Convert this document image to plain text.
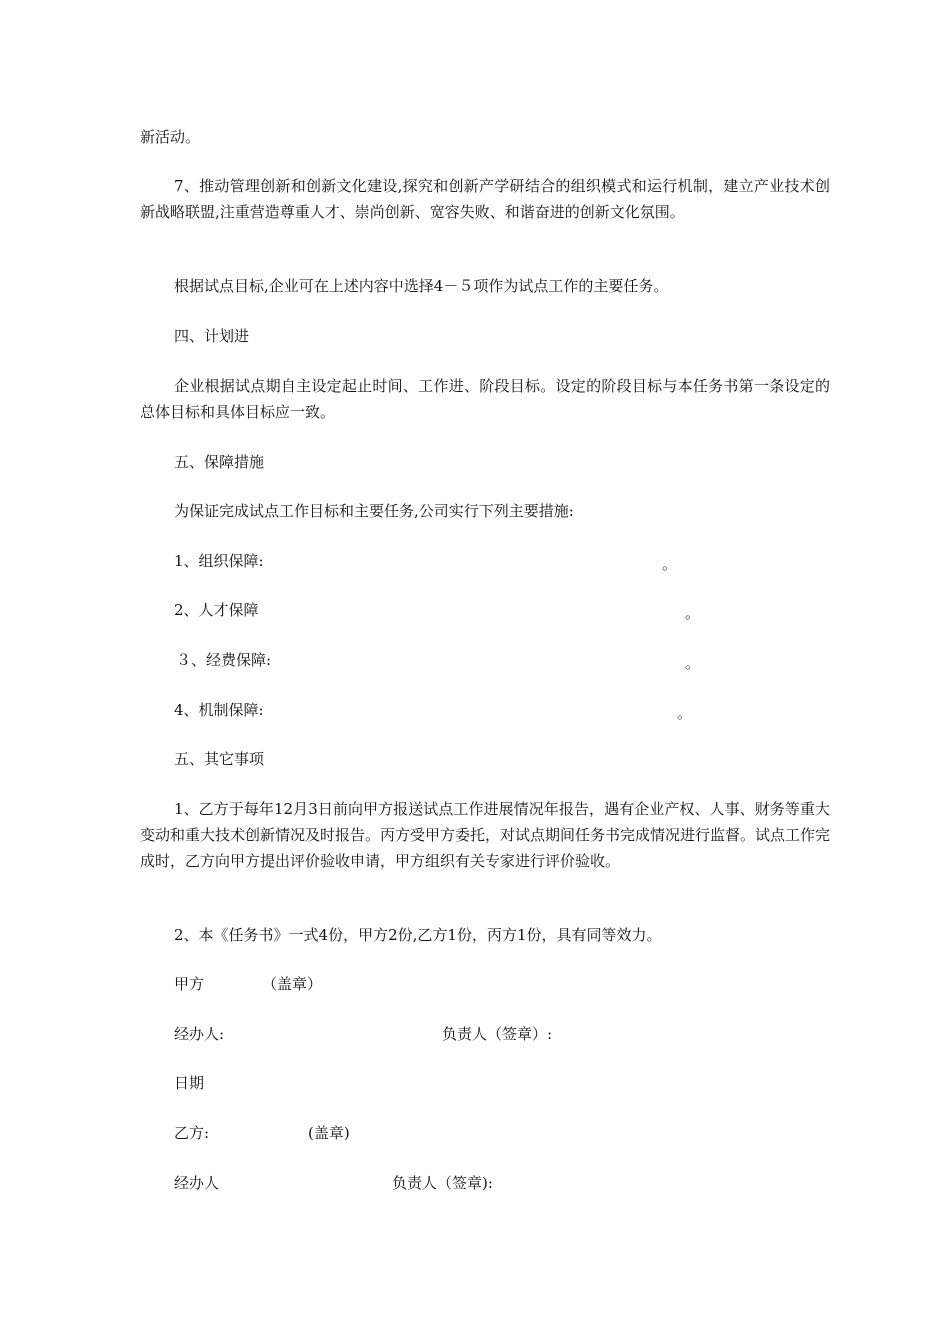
新活动。
7、推动管理创新和创新文化建设,探究和创新产学研结合的组织模式和运行机制，建立产业技术创新战略联盟,注重营造尊重人才、崇尚创新、宽容失败、和谐奋进的创新文化氛围。
根据试点目标,企业可在上述内容中选择4－５项作为试点工作的主要任务。
四、计划进
企业根据试点期自主设定起止时间、工作进、阶段目标。设定的阶段目标与本任务书第一条设定的总体目标和具体目标应一致。
五、保障措施
为保证完成试点工作目标和主要任务,公司实行下列主要措施:
1、组织保障:	。
2、人才保障	。
３、经费保障:	。
4、机制保障:	。
五、其它事项
1、乙方于每年12月3日前向甲方报送试点工作进展情况年报告，遇有企业产权、人事、财务等重大变动和重大技术创新情况及时报告。丙方受甲方委托，对试点期间任务书完成情况进行监督。试点工作完成时，乙方向甲方提出评价验收申请，甲方组织有关专家进行评价验收。
2、本《任务书》一式4份，甲方2份,乙方1份，丙方1份，具有同等效力。
甲方	（盖章）
经办人:	负责人（签章）:
日期
乙方:	(盖章)
经办人	负责人（签章):
